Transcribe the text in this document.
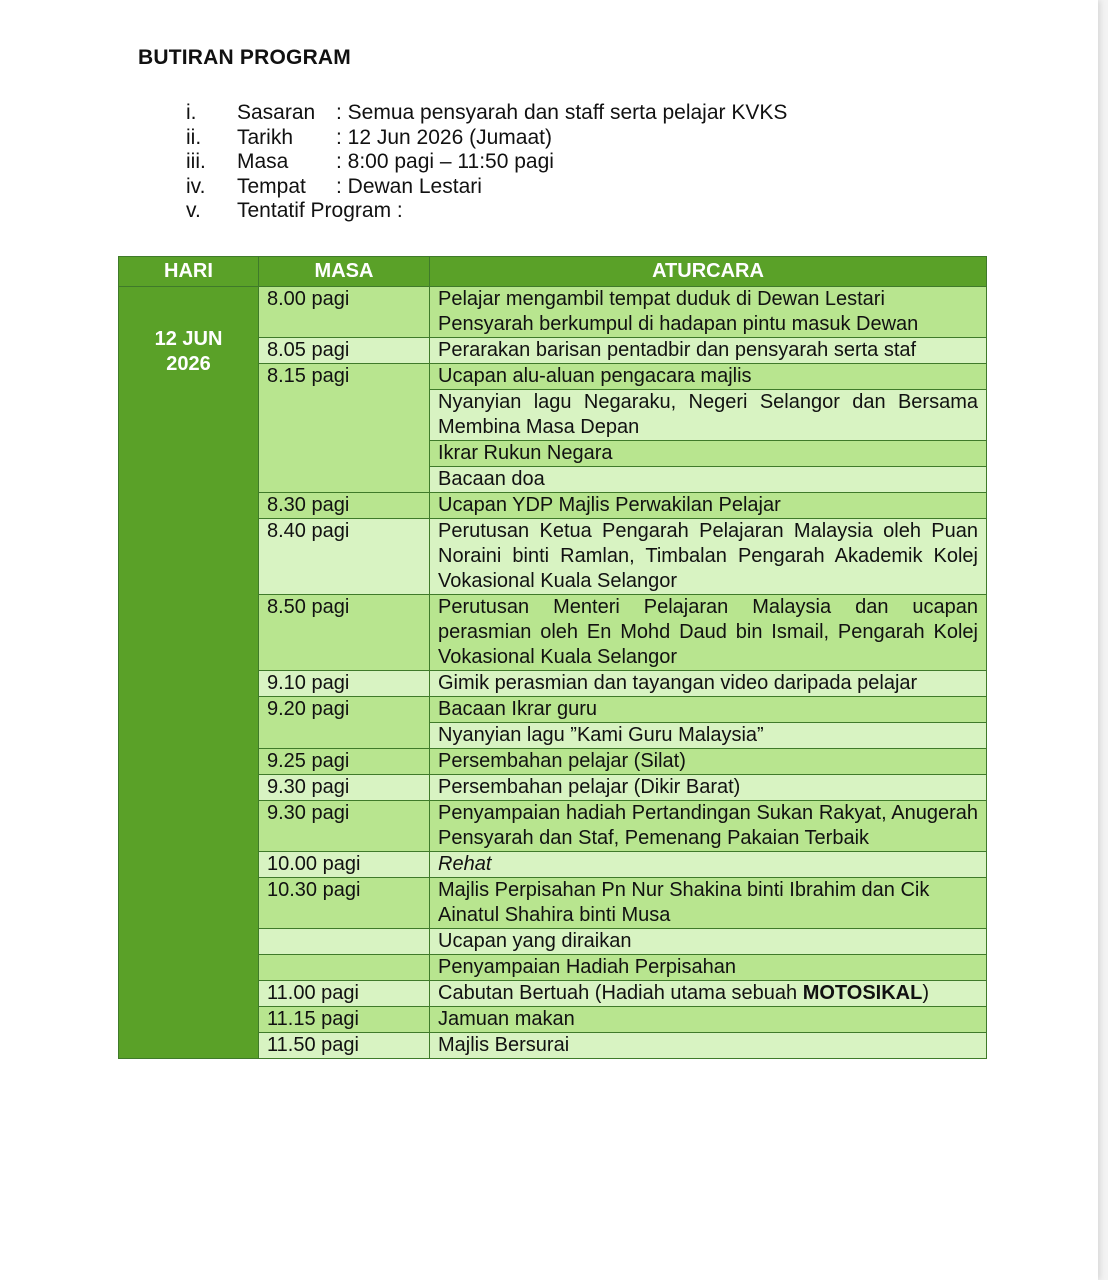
BUTIRAN PROGRAM
i.	Sasaran : Semua pensyarah dan staff serta pelajar KVKS
ii.	Tarikh : 12 Jun 2026 (Jumaat)
iii.	Masa : 8:00 pagi – 11:50 pagi
iv.	Tempat : Dewan Lestari
v.	Tentatif Program :
HARI	MASA	ATURCARA

12 JUN 2026	8.00 pagi	Pelajar mengambil tempat duduk di Dewan Lestari Pensyarah berkumpul di hadapan pintu masuk Dewan
	8.05 pagi	Perarakan barisan pentadbir dan pensyarah serta staf
	8.15 pagi	Ucapan alu-aluan pengacara majlis
		Nyanyian lagu Negaraku, Negeri Selangor dan Bersama Membina Masa Depan
		Ikrar Rukun Negara
		Bacaan doa
	8.30 pagi	Ucapan YDP Majlis Perwakilan Pelajar
	8.40 pagi	Perutusan Ketua Pengarah Pelajaran Malaysia oleh Puan Noraini binti Ramlan, Timbalan Pengarah Akademik Kolej Vokasional Kuala Selangor
	8.50 pagi	Perutusan Menteri Pelajaran Malaysia dan ucapan perasmian oleh En Mohd Daud bin Ismail, Pengarah Kolej Vokasional Kuala Selangor
	9.10 pagi	Gimik perasmian dan tayangan video daripada pelajar
	9.20 pagi	Bacaan Ikrar guru
		Nyanyian lagu ”Kami Guru Malaysia”
	9.25 pagi	Persembahan pelajar (Silat)
	9.30 pagi	Persembahan pelajar (Dikir Barat)
	9.30 pagi	Penyampaian hadiah Pertandingan Sukan Rakyat, Anugerah Pensyarah dan Staf, Pemenang Pakaian Terbaik
	10.00 pagi	Rehat
	10.30 pagi	Majlis Perpisahan Pn Nur Shakina binti Ibrahim dan Cik Ainatul Shahira binti Musa
		Ucapan yang diraikan
		Penyampaian Hadiah Perpisahan
	11.00 pagi	Cabutan Bertuah (Hadiah utama sebuah MOTOSIKAL)
	11.15 pagi	Jamuan makan
	11.50 pagi	Majlis Bersurai
